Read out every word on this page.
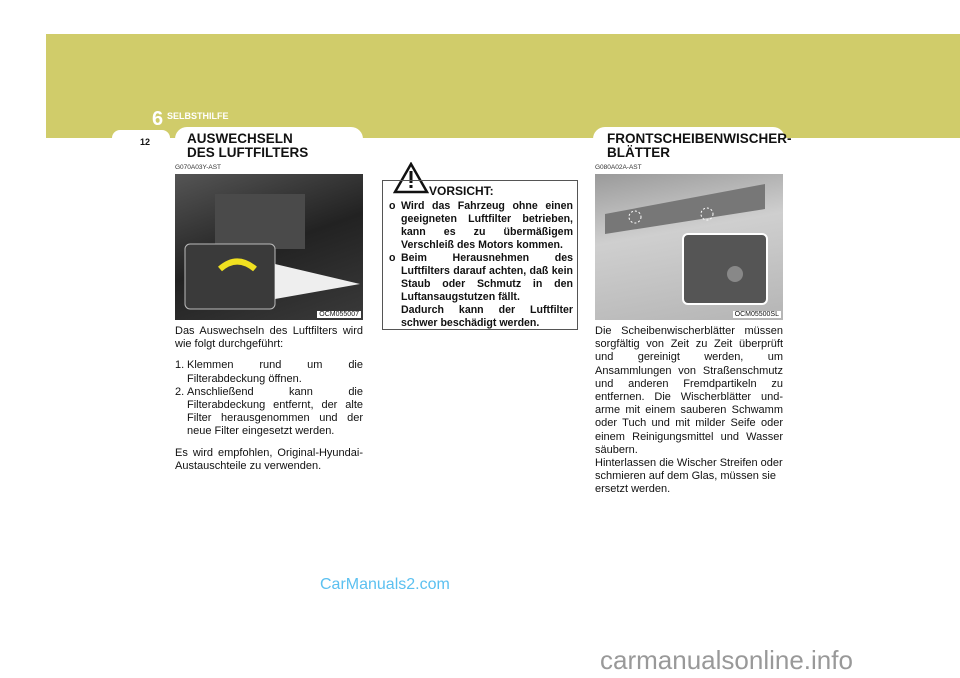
6 SELBSTHILFE
12	AUSWECHSELN
DES LUFTFILTERS
G070A03Y-AST
OCM055007

Das Auswechseln des Luftfilters wird wie folgt durchgeführt:

1. Klemmen rund um die Filterabdeckung öffnen.

2. Anschließend kann die Filterabdeckung entfernt, der alte Filter herausgenommen und der neue Filter eingesetzt werden.

Es wird empfohlen, Original-Hyundai-Austauschteile zu verwenden.

VORSICHT:
o Wird das Fahrzeug ohne einen geeigneten Luftfilter betrieben, kann es zu übermäßigem Verschleiß des Motors kommen.
o Beim Herausnehmen des Luftfilters darauf achten, daß kein Staub oder Schmutz in den Luftansaugstutzen fällt.
Dadurch kann der Luftfilter schwer beschädigt werden.
FRONTSCHEIBENWISCHER-
BLÄTTER
G080A02A-AST
OCM05500SL
Die Scheibenwischerblätter müssen sorgfältig von Zeit zu Zeit überprüft und gereinigt werden, um Ansammlungen von Straßenschmutz und anderen Fremdpartikeln zu entfernen. Die Wischerblätter und-arme mit einem sauberen Schwamm oder Tuch und mit milder Seife oder einem Reinigungsmittel und Wasser säubern.
Hinterlassen die Wischer Streifen oder schmieren auf dem Glas, müssen sie ersetzt werden.
CarManuals2.com
carmanualsonline.info
